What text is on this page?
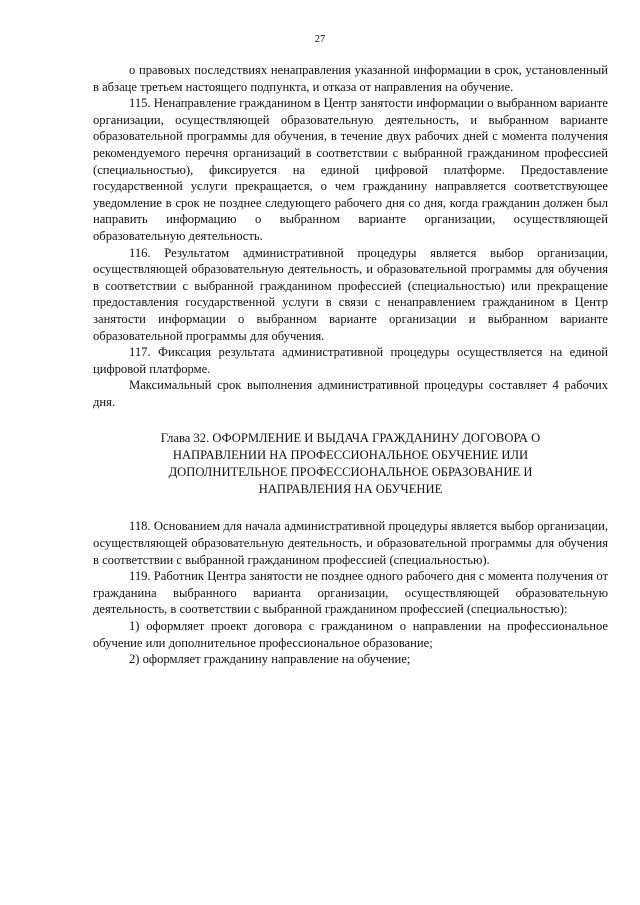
27

о правовых последствиях ненаправления указанной информации в срок, установленный в абзаце третьем настоящего подпункта, и отказа от направления на обучение.

115. Ненаправление гражданином в Центр занятости информации о выбранном варианте организации, осуществляющей образовательную деятельность, и выбранном варианте образовательной программы для обучения, в течение двух рабочих дней с момента получения рекомендуемого перечня организаций в соответствии с выбранной гражданином профессией (специальностью), фиксируется на единой цифровой платформе. Предоставление государственной услуги прекращается, о чем гражданину направляется соответствующее уведомление в срок не позднее следующего рабочего дня со дня, когда гражданин должен был направить информацию о выбранном варианте организации, осуществляющей образовательную деятельность.

116. Результатом административной процедуры является выбор организации, осуществляющей образовательную деятельность, и образовательной программы для обучения в соответствии с выбранной гражданином профессией (специальностью) или прекращение предоставления государственной услуги в связи с ненаправлением гражданином в Центр занятости информации о выбранном варианте организации и выбранном варианте образовательной программы для обучения.

117. Фиксация результата административной процедуры осуществляется на единой цифровой платформе.

Максимальный срок выполнения административной процедуры составляет 4 рабочих дня.

Глава 32. ОФОРМЛЕНИЕ И ВЫДАЧА ГРАЖДАНИНУ ДОГОВОРА О
НАПРАВЛЕНИИ НА ПРОФЕССИОНАЛЬНОЕ ОБУЧЕНИЕ ИЛИ
ДОПОЛНИТЕЛЬНОЕ ПРОФЕССИОНАЛЬНОЕ ОБРАЗОВАНИЕ И
НАПРАВЛЕНИЯ НА ОБУЧЕНИЕ

118. Основанием для начала административной процедуры является выбор организации, осуществляющей образовательную деятельность, и образовательной программы для обучения в соответствии с выбранной гражданином профессией (специальностью).

119. Работник Центра занятости не позднее одного рабочего дня с момента получения от гражданина выбранного варианта организации, осуществляющей образовательную деятельность, в соответствии с выбранной гражданином профессией (специальностью):

1) оформляет проект договора с гражданином о направлении на профессиональное обучение или дополнительное профессиональное образование;

2) оформляет гражданину направление на обучение;
